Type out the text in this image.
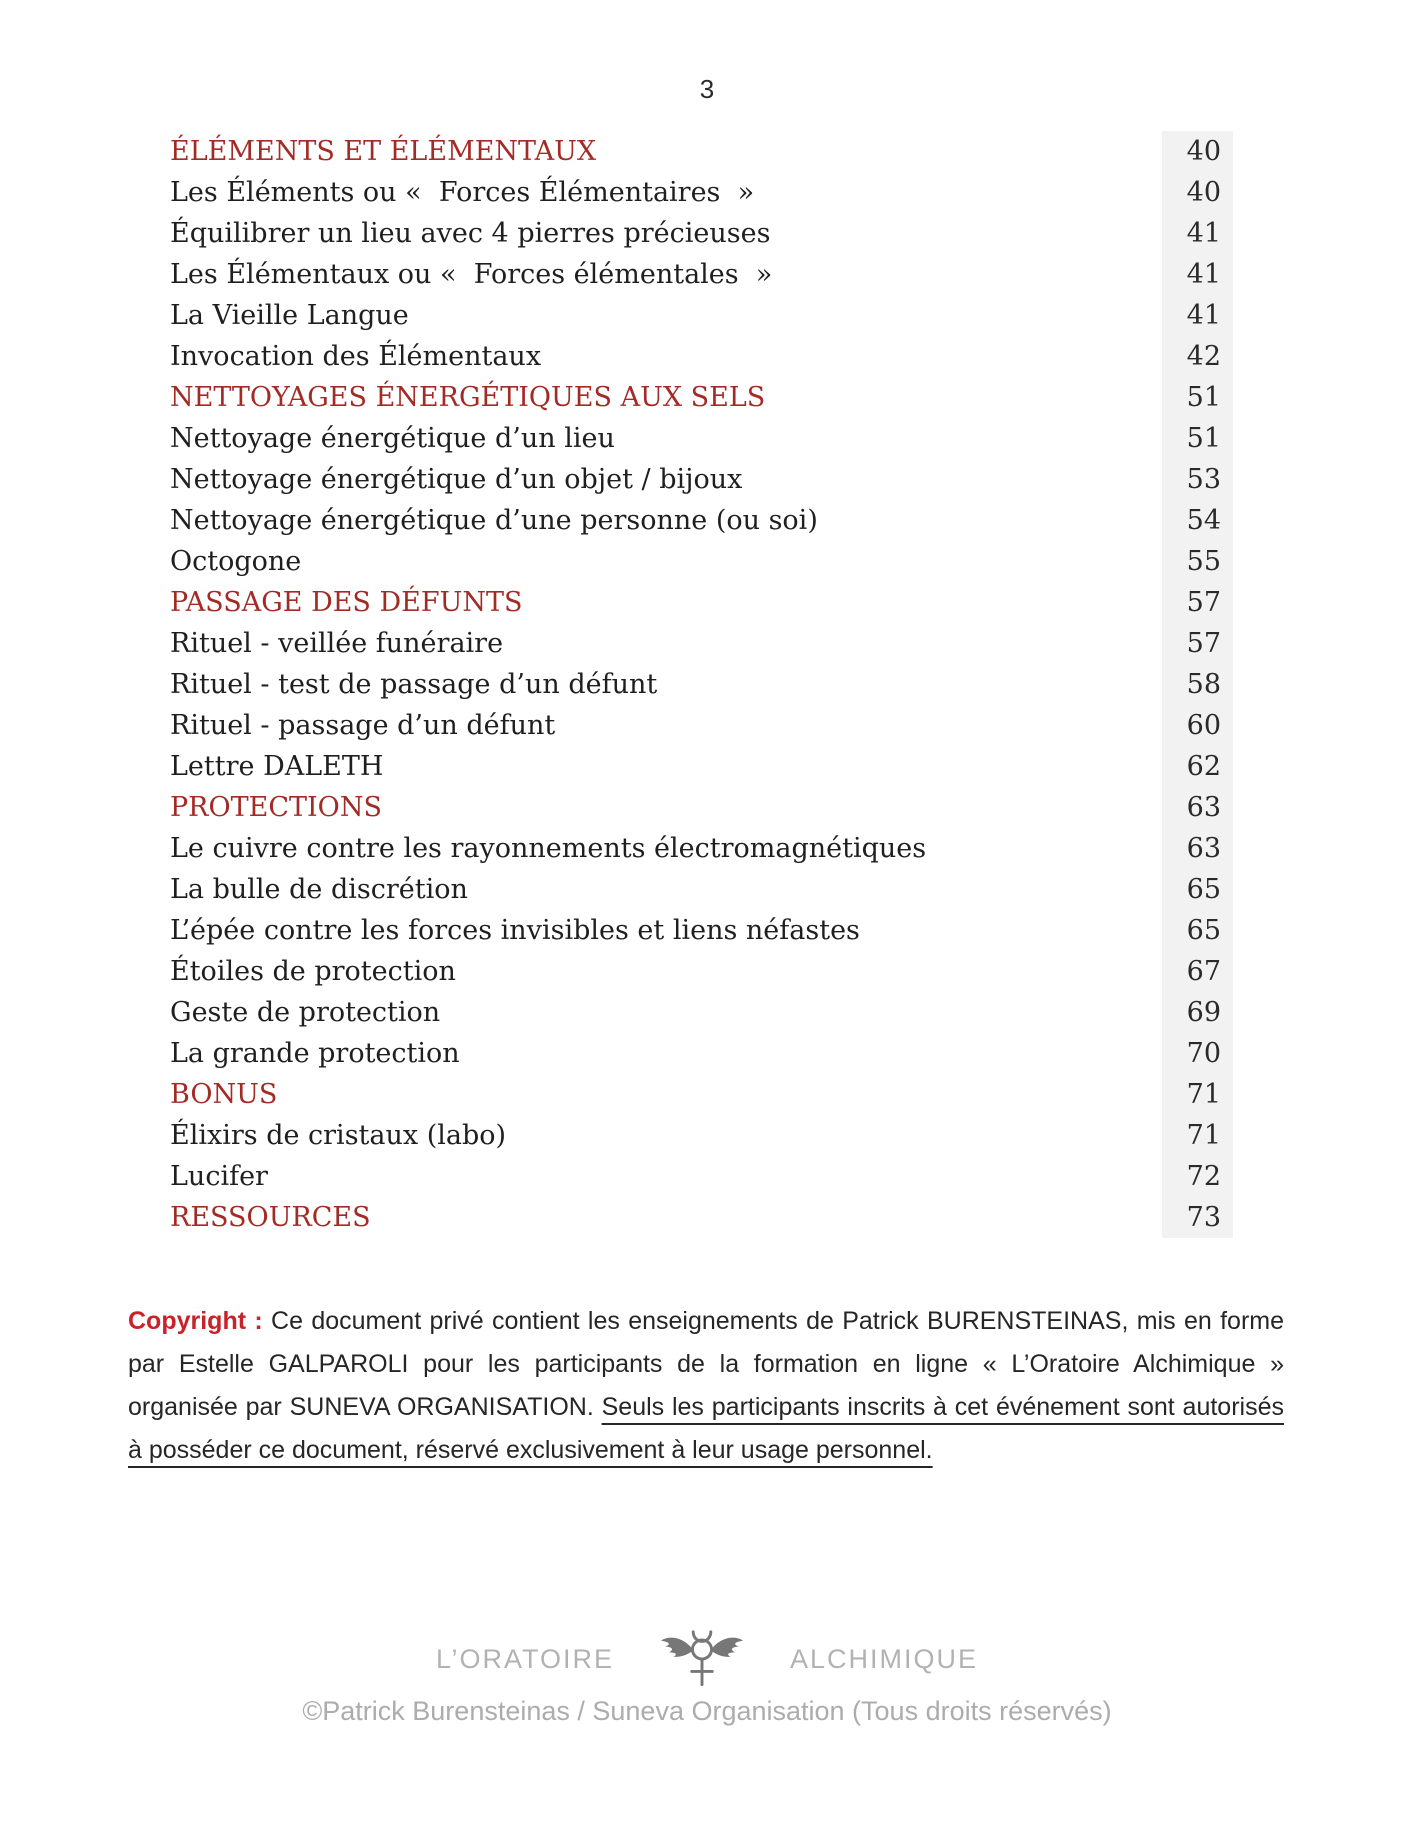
3
ÉLÉMENTS ET ÉLÉMENTAUX	40
Les Éléments ou «  Forces Élémentaires  »	40
Équilibrer un lieu avec 4 pierres précieuses	41
Les Élémentaux ou «  Forces élémentales  »	41
La Vieille Langue	41
Invocation des Élémentaux	42
NETTOYAGES ÉNERGÉTIQUES AUX SELS	51
Nettoyage énergétique d’un lieu	51
Nettoyage énergétique d’un objet / bijoux	53
Nettoyage énergétique d’une personne (ou soi)	54
Octogone	55
PASSAGE DES DÉFUNTS	57
Rituel - veillée funéraire	57
Rituel - test de passage d’un défunt	58
Rituel - passage d’un défunt	60
Lettre DALETH	62
PROTECTIONS	63
Le cuivre contre les rayonnements électromagnétiques	63
La bulle de discrétion	65
L’épée contre les forces invisibles et liens néfastes	65
Étoiles de protection	67
Geste de protection	69
La grande protection	70
BONUS	71
Élixirs de cristaux (labo)	71
Lucifer	72
RESSOURCES	73

Copyright : Ce document privé contient les enseignements de Patrick BURENSTEINAS, mis en forme par Estelle GALPAROLI pour les participants de la formation en ligne « L’Oratoire Alchimique » organisée par SUNEVA ORGANISATION. Seuls les participants inscrits à cet événement sont autorisés à posséder ce document, réservé exclusivement à leur usage personnel.

L’ORATOIRE	ALCHIMIQUE
©Patrick Burensteinas / Suneva Organisation (Tous droits réservés)
